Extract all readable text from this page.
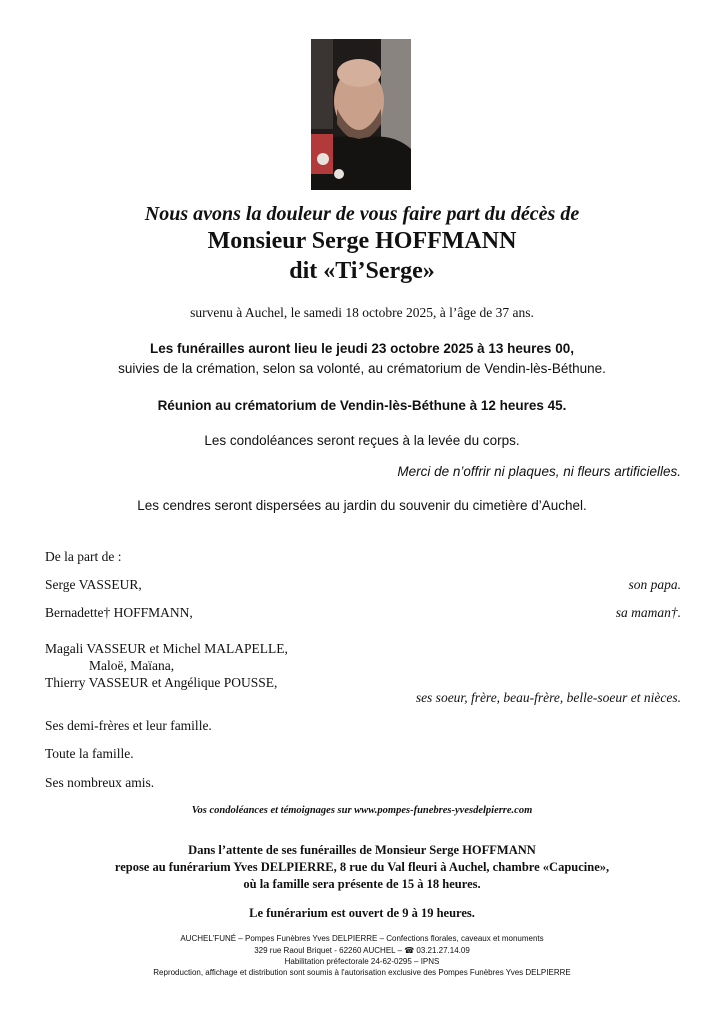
Nous avons la douleur de vous faire part du décès de
Monsieur Serge HOFFMANN
dit «Ti’Serge»
survenu à Auchel, le samedi 18 octobre 2025, à l’âge de 37 ans.
Les funérailles auront lieu le jeudi 23 octobre 2025 à 13 heures 00,
suivies de la crémation, selon sa volonté, au crématorium de Vendin-lès-Béthune.
Réunion au crématorium de Vendin-lès-Béthune à 12 heures 45.
Les condoléances seront reçues à la levée du corps.
Merci de n’offrir ni plaques, ni fleurs artificielles.
Les cendres seront dispersées au jardin du souvenir du cimetière d’Auchel.
De la part de :
Serge VASSEUR,	son papa.
Bernadette† HOFFMANN,	sa maman†.
Magali VASSEUR et Michel MALAPELLE,
Maloë, Maïana,
Thierry VASSEUR et Angélique POUSSE,
ses soeur, frère, beau-frère, belle-soeur et nièces.
Ses demi-frères et leur famille.
Toute la famille.
Ses nombreux amis.
Vos condoléances et témoignages sur www.pompes-funebres-yvesdelpierre.com
Dans l’attente de ses funérailles de Monsieur Serge HOFFMANN
repose au funérarium Yves DELPIERRE, 8 rue du Val fleuri à Auchel, chambre «Capucine»,
où la famille sera présente de 15 à 18 heures.
Le funérarium est ouvert de 9 à 19 heures.
AUCHEL'FUNÉ – Pompes Funèbres Yves DELPIERRE – Confections florales, caveaux et monuments
329 rue Raoul Briquet - 62260 AUCHEL – ☎ 03.21.27.14.09
Habilitation préfectorale 24-62-0295 – IPNS
Reproduction, affichage et distribution sont soumis à l'autorisation exclusive des Pompes Funèbres Yves DELPIERRE
